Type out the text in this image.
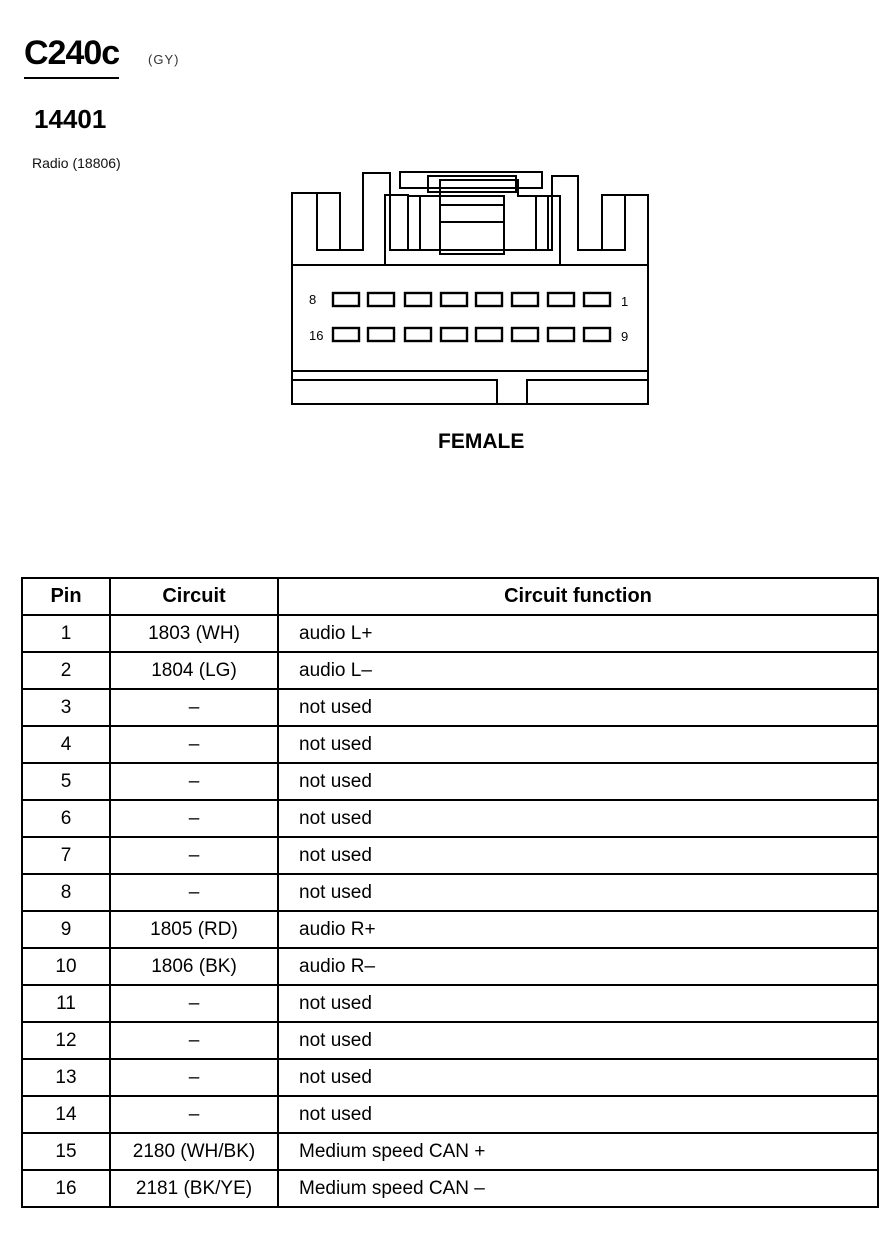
C240c (GY)
14401
Radio (18806)
8	1
16	9
FEMALE
Pin	Circuit	Circuit function
1	1803 (WH)	audio L+
2	1804 (LG)	audio L–
3	–	not used
4	–	not used
5	–	not used
6	–	not used
7	–	not used
8	–	not used
9	1805 (RD)	audio R+
10	1806 (BK)	audio R–
11	–	not used
12	–	not used
13	–	not used
14	–	not used
15	2180 (WH/BK)	Medium speed CAN +
16	2181 (BK/YE)	Medium speed CAN –
